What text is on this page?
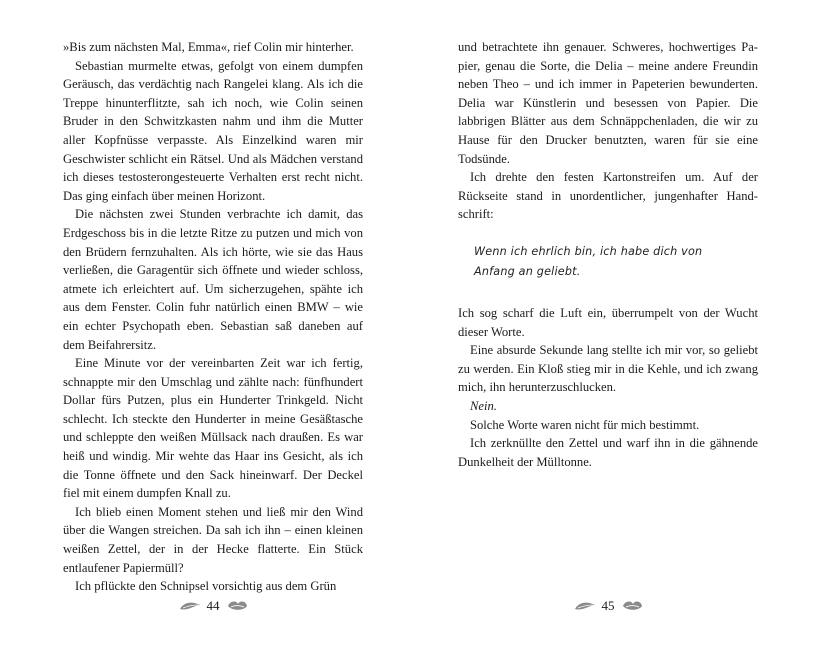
»Bis zum nächsten Mal, Emma«, rief Colin mir hinterher.

Sebastian murmelte etwas, gefolgt von einem dumpfen Geräusch, das verdächtig nach Rangelei klang. Als ich die Treppe hinunterflitzte, sah ich noch, wie Colin seinen Bruder in den Schwitzkasten nahm und ihm die Mutter aller Kopfnüsse verpasste. Als Einzelkind waren mir Geschwister schlicht ein Rätsel. Und als Mädchen verstand ich dieses testosterongesteuerte Verhalten erst recht nicht. Das ging einfach über meinen Horizont.

Die nächsten zwei Stunden verbrachte ich damit, das Erdgeschoss bis in die letzte Ritze zu putzen und mich von den Brüdern fernzuhalten. Als ich hörte, wie sie das Haus verließen, die Garagentür sich öffnete und wieder schloss, atmete ich erleichtert auf. Um sicherzugehen, spähte ich aus dem Fenster. Colin fuhr natürlich einen BMW – wie ein echter Psychopath eben. Sebastian saß daneben auf dem Beifahrersitz.

Eine Minute vor der vereinbarten Zeit war ich fertig, schnappte mir den Umschlag und zählte nach: fünfhundert Dollar fürs Putzen, plus ein Hunderter Trinkgeld. Nicht schlecht. Ich steckte den Hunderter in meine Gesäßtasche und schleppte den weißen Müllsack nach draußen. Es war heiß und windig. Mir wehte das Haar ins Gesicht, als ich die Tonne öffnete und den Sack hineinwarf. Der Deckel fiel mit einem dumpfen Knall zu.

Ich blieb einen Moment stehen und ließ mir den Wind über die Wangen streichen. Da sah ich ihn – einen kleinen weißen Zettel, der in der Hecke flatterte. Ein Stück entlaufener Papiermüll?

Ich pflückte den Schnipsel vorsichtig aus dem Grün

44

und betrachtete ihn genauer. Schweres, hochwertiges Papier, genau die Sorte, die Delia – meine andere Freundin neben Theo – und ich immer in Papeterien bewunderten. Delia war Künstlerin und besessen von Papier. Die labbrigen Blätter aus dem Schnäppchenladen, die wir zu Hause für den Drucker benutzten, waren für sie eine Todsünde.

Ich drehte den festen Kartonstreifen um. Auf der Rückseite stand in unordentlicher, jungenhafter Handschrift:

Wenn ich ehrlich bin, ich habe dich von
Anfang an geliebt.

Ich sog scharf die Luft ein, überrumpelt von der Wucht dieser Worte.

Eine absurde Sekunde lang stellte ich mir vor, so geliebt zu werden. Ein Kloß stieg mir in die Kehle, und ich zwang mich, ihn herunterzuschlucken.

Nein.

Solche Worte waren nicht für mich bestimmt.

Ich zerknüllte den Zettel und warf ihn in die gähnende Dunkelheit der Mülltonne.

45
